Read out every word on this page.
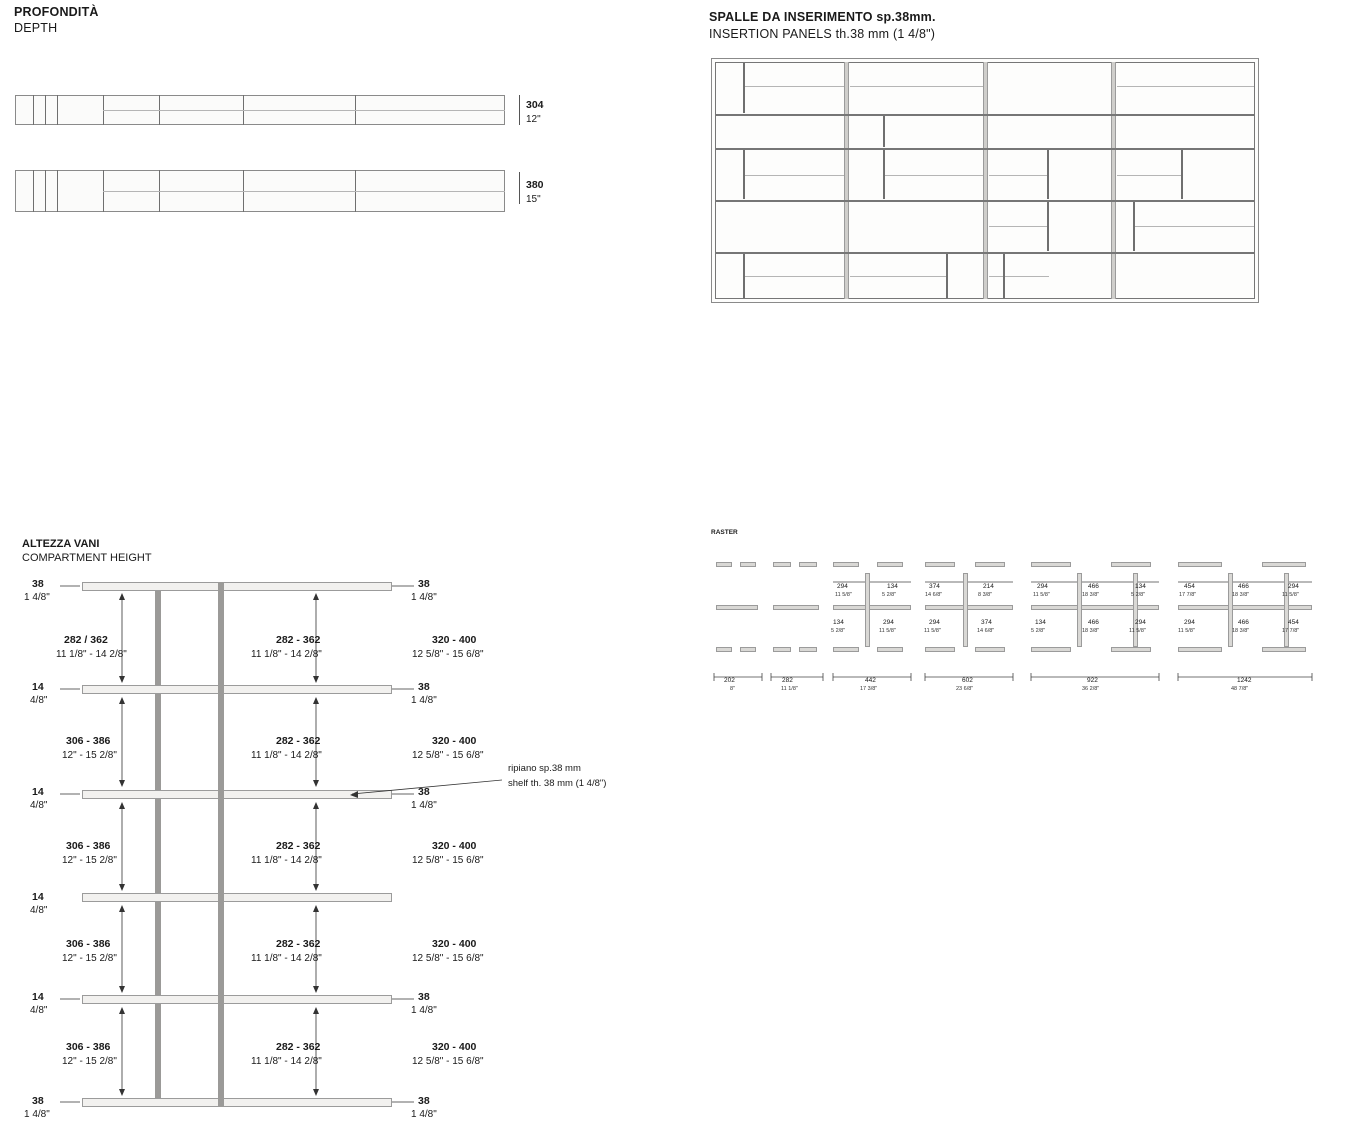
PROFONDITÀ
DEPTH
304
12"
380
15"
SPALLE DA INSERIMENTO sp.38mm.
INSERTION PANELS th.38 mm (1 4/8")
ALTEZZA VANI
COMPARTMENT HEIGHT
38
1 4/8"
14
4/8"
14
4/8"
14
4/8"
14
4/8"
38
1 4/8"
38
1 4/8"
38
1 4/8"
38
1 4/8"
38
1 4/8"
38
1 4/8"
282 / 362
11 1/8" - 14 2/8"
306 - 386
12" - 15 2/8"
306 - 386
12" - 15 2/8"
306 - 386
12" - 15 2/8"
306 - 386
12" - 15 2/8"
282 - 362
11 1/8" - 14 2/8"
282 - 362
11 1/8" - 14 2/8"
282 - 362
11 1/8" - 14 2/8"
282 - 362
11 1/8" - 14 2/8"
282 - 362
11 1/8" - 14 2/8"
320 - 400
12 5/8" - 15 6/8"
320 - 400
12 5/8" - 15 6/8"
320 - 400
12 5/8" - 15 6/8"
320 - 400
12 5/8" - 15 6/8"
320 - 400
12 5/8" - 15 6/8"
ripiano sp.38 mm
shelf th. 38 mm (1 4/8")
RASTER
202
8"
282
11 1/8"
294
11 5/8"
134
5 2/8"
134
5 2/8"
294
11 5/8"
442
17 3/8"
374
14 6/8"
214
8 3/8"
294
11 5/8"
374
14 6/8"
602
23 6/8"
294
11 5/8"
466
18 3/8"
134
5 2/8"
134
5 2/8"
466
18 3/8"
294
11 5/8"
922
36 2/8"
454
17 7/8"
466
18 3/8"
294
11 5/8"
294
11 5/8"
466
18 3/8"
454
17 7/8"
1242
48 7/8"
